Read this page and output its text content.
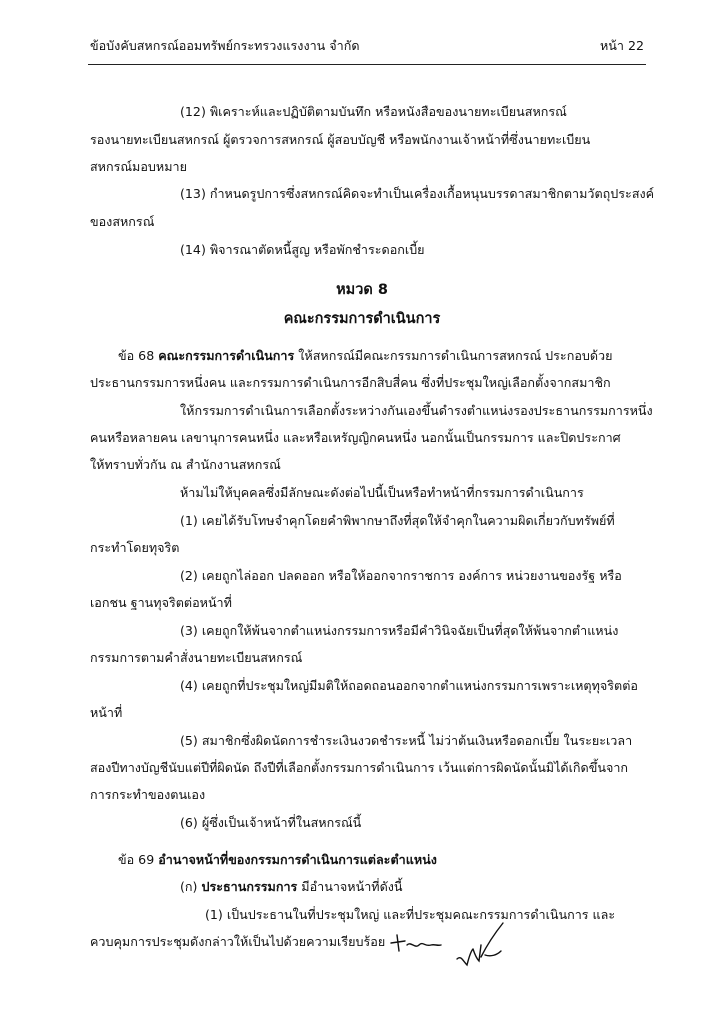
ข้อบังคับสหกรณ์ออมทรัพย์กระทรวงแรงงาน จำกัด	หน้า 22
(12) พิเคราะห์และปฏิบัติตามบันทึก หรือหนังสือของนายทะเบียนสหกรณ์
รองนายทะเบียนสหกรณ์ ผู้ตรวจการสหกรณ์ ผู้สอบบัญชี หรือพนักงานเจ้าหน้าที่ซึ่งนายทะเบียน
สหกรณ์มอบหมาย
(13) กำหนดรูปการซึ่งสหกรณ์คิดจะทำเป็นเครื่องเกื้อหนุนบรรดาสมาชิกตามวัตถุประสงค์
ของสหกรณ์
(14) พิจารณาตัดหนี้สูญ หรือพักชำระดอกเบี้ย
หมวด 8
คณะกรรมการดำเนินการ
ข้อ 68 คณะกรรมการดำเนินการ ให้สหกรณ์มีคณะกรรมการดำเนินการสหกรณ์ ประกอบด้วย
ประธานกรรมการหนึ่งคน และกรรมการดำเนินการอีกสิบสี่คน ซึ่งที่ประชุมใหญ่เลือกตั้งจากสมาชิก
ให้กรรมการดำเนินการเลือกตั้งระหว่างกันเองขึ้นดำรงตำแหน่งรองประธานกรรมการหนึ่ง
คนหรือหลายคน เลขานุการคนหนึ่ง และหรือเหรัญญิกคนหนึ่ง นอกนั้นเป็นกรรมการ และปิดประกาศ
ให้ทราบทั่วกัน ณ สำนักงานสหกรณ์
ห้ามไม่ให้บุคคลซึ่งมีลักษณะดังต่อไปนี้เป็นหรือทำหน้าที่กรรมการดำเนินการ
(1) เคยได้รับโทษจำคุกโดยคำพิพากษาถึงที่สุดให้จำคุกในความผิดเกี่ยวกับทรัพย์ที่
กระทำโดยทุจริต
(2) เคยถูกไล่ออก ปลดออก หรือให้ออกจากราชการ องค์การ หน่วยงานของรัฐ หรือ
เอกชน ฐานทุจริตต่อหน้าที่
(3) เคยถูกให้พ้นจากตำแหน่งกรรมการหรือมีคำวินิจฉัยเป็นที่สุดให้พ้นจากตำแหน่ง
กรรมการตามคำสั่งนายทะเบียนสหกรณ์
(4) เคยถูกที่ประชุมใหญ่มีมติให้ถอดถอนออกจากตำแหน่งกรรมการเพราะเหตุทุจริตต่อ
หน้าที่
(5) สมาชิกซึ่งผิดนัดการชำระเงินงวดชำระหนี้ ไม่ว่าต้นเงินหรือดอกเบี้ย ในระยะเวลา
สองปีทางบัญชีนับแต่ปีที่ผิดนัด ถึงปีที่เลือกตั้งกรรมการดำเนินการ เว้นแต่การผิดนัดนั้นมิได้เกิดขึ้นจาก
การกระทำของตนเอง
(6) ผู้ซึ่งเป็นเจ้าหน้าที่ในสหกรณ์นี้
ข้อ 69 อำนาจหน้าที่ของกรรมการดำเนินการแต่ละตำแหน่ง
(ก) ประธานกรรมการ มีอำนาจหน้าที่ดังนี้
(1) เป็นประธานในที่ประชุมใหญ่ และที่ประชุมคณะกรรมการดำเนินการ และ
ควบคุมการประชุมดังกล่าวให้เป็นไปด้วยความเรียบร้อย
